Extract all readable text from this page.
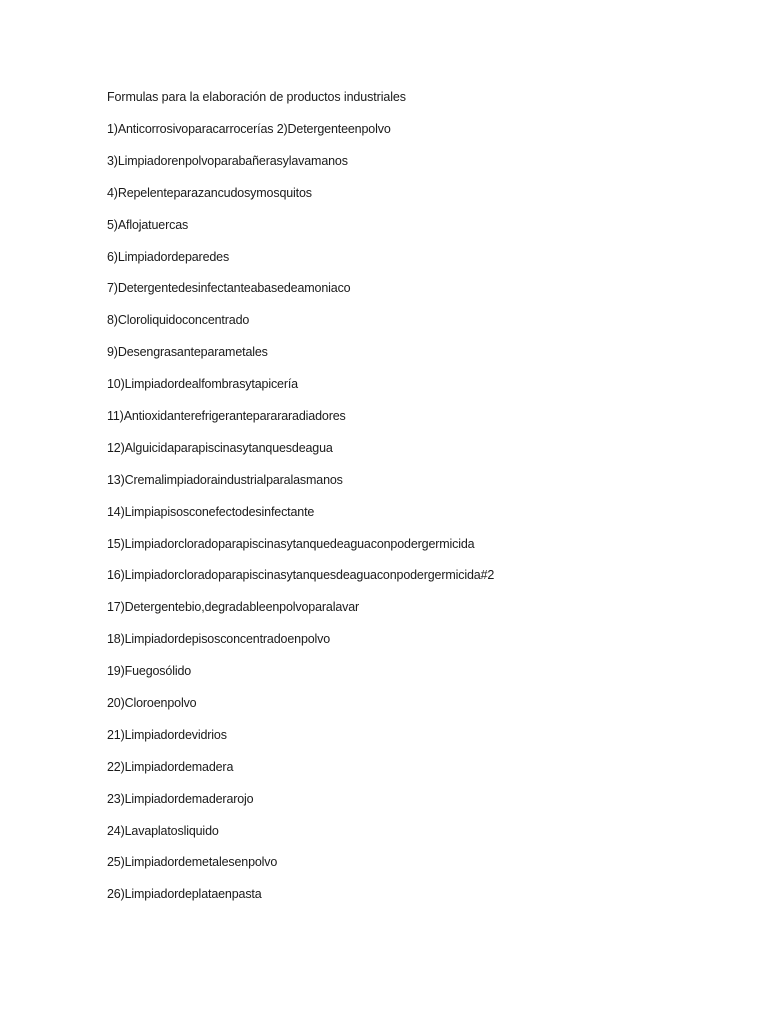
Formulas para la elaboración de productos industriales
1)Anticorrosivoparacarrocerías 2)Detergenteenpolvo
3)Limpiadorenpolvoparabañerasylavamanos
4)Repelenteparazancudosymosquitos
5)Aflojatuercas
6)Limpiadordeparedes
7)Detergentedesinfectanteabasedeamoniaco
8)Cloroliquidoconcentrado
9)Desengrasanteparametales
10)Limpiadordealfombrasytapicería
11)Antioxidanterefrigeranteparararadiadores
12)Alguicidaparapiscinasytanquesdeagua
13)Cremalimpiadoraindustrialparalasmanos
14)Limpiapisosconefectodesinfectante
15)Limpiadorcloradoparapiscinasytanquedeaguaconpodergermicida
16)Limpiadorcloradoparapiscinasytanquesdeaguaconpodergermicida#2
17)Detergentebio,degradableenpolvoparalavar
18)Limpiadordepisosconcentradoenpolvo
19)Fuegosólido
20)Cloroenpolvo
21)Limpiadordevidrios
22)Limpiadordemadera
23)Limpiadordemaderarojo
24)Lavaplatosliquido
25)Limpiadordemetalesenpolvo
26)Limpiadordeplataenpasta
